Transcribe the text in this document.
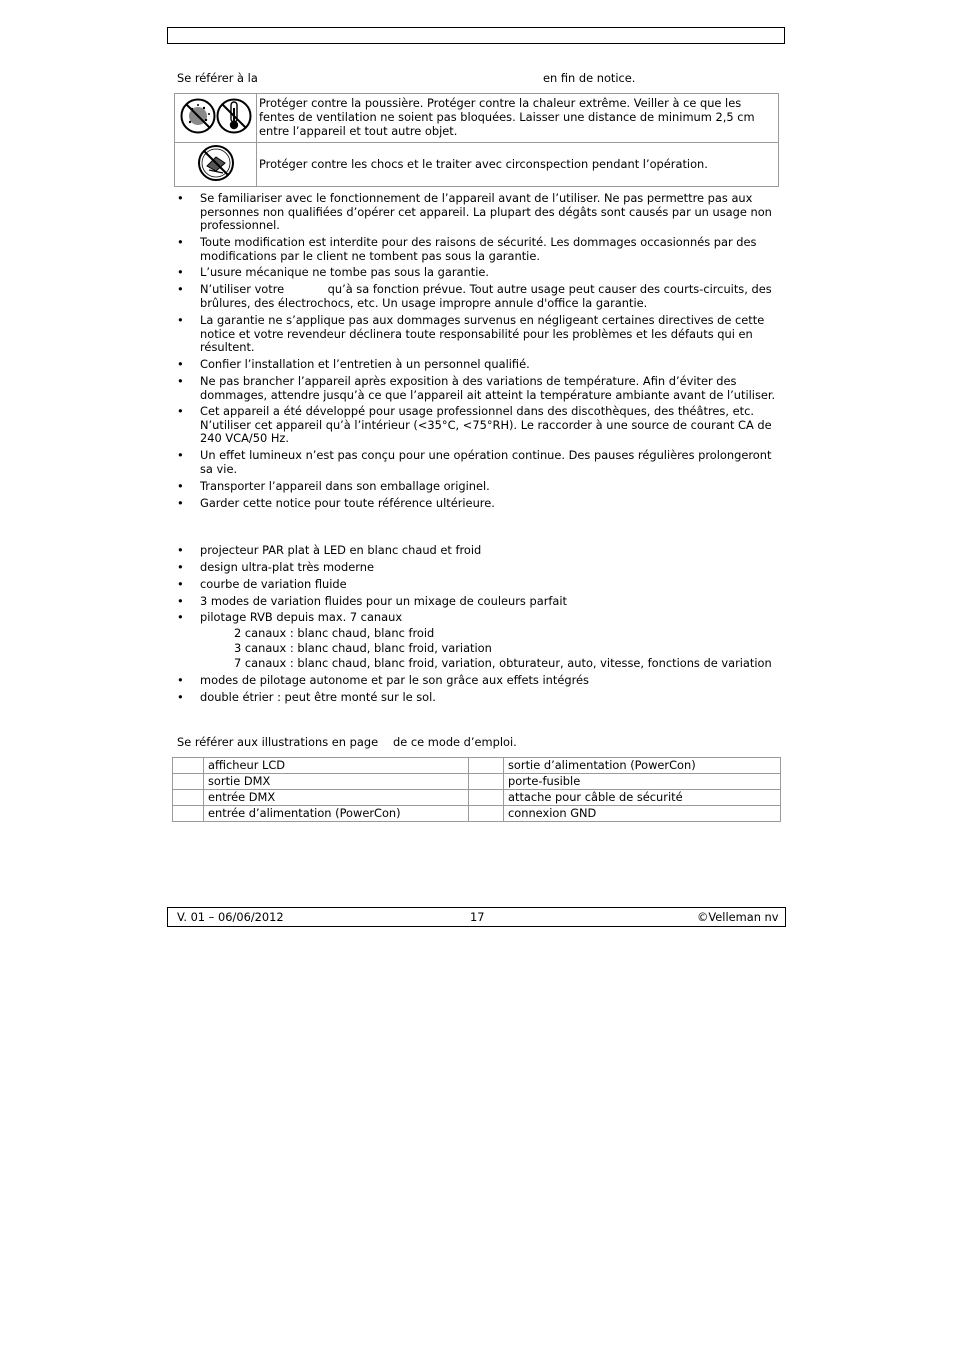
Se référer à la	en fin de notice.
	Protéger contre la poussière. Protéger contre la chaleur extrême. Veiller à ce que les fentes de ventilation ne soient pas bloquées. Laisser une distance de minimum 2,5 cm entre l’appareil et tout autre objet.
	Protéger contre les chocs et le traiter avec circonspection pendant l’opération.
• Se familiariser avec le fonctionnement de l’appareil avant de l’utiliser. Ne pas permettre pas aux personnes non qualifiées d’opérer cet appareil. La plupart des dégâts sont causés par un usage non professionnel.
• Toute modification est interdite pour des raisons de sécurité. Les dommages occasionnés par des modifications par le client ne tombent pas sous la garantie.
• L’usure mécanique ne tombe pas sous la garantie.
• N’utiliser votre            qu’à sa fonction prévue. Tout autre usage peut causer des courts-circuits, des brûlures, des électrochocs, etc. Un usage impropre annule d'office la garantie.
• La garantie ne s’applique pas aux dommages survenus en négligeant certaines directives de cette notice et votre revendeur déclinera toute responsabilité pour les problèmes et les défauts qui en résultent.
• Confier l’installation et l’entretien à un personnel qualifié.
• Ne pas brancher l’appareil après exposition à des variations de température. Afin d’éviter des dommages, attendre jusqu’à ce que l’appareil ait atteint la température ambiante avant de l’utiliser.
• Cet appareil a été développé pour usage professionnel dans des discothèques, des théâtres, etc. N’utiliser cet appareil qu’à l’intérieur (<35°C, <75°RH). Le raccorder à une source de courant CA de 240 VCA/50 Hz.
• Un effet lumineux n’est pas conçu pour une opération continue. Des pauses régulières prolongeront sa vie.
• Transporter l’appareil dans son emballage originel.
• Garder cette notice pour toute référence ultérieure.
• projecteur PAR plat à LED en blanc chaud et froid
• design ultra-plat très moderne
• courbe de variation fluide
• 3 modes de variation fluides pour un mixage de couleurs parfait
• pilotage RVB depuis max. 7 canaux
2 canaux : blanc chaud, blanc froid
3 canaux : blanc chaud, blanc froid, variation
7 canaux : blanc chaud, blanc froid, variation, obturateur, auto, vitesse, fonctions de variation
• modes de pilotage autonome et par le son grâce aux effets intégrés
• double étrier : peut être monté sur le sol.
Se référer aux illustrations en page de ce mode d’emploi.
	afficheur LCD		sortie d’alimentation (PowerCon)
	sortie DMX		porte-fusible
	entrée DMX		attache pour câble de sécurité
	entrée d’alimentation (PowerCon)		connexion GND
V. 01 – 06/06/2012	17	©Velleman nv
